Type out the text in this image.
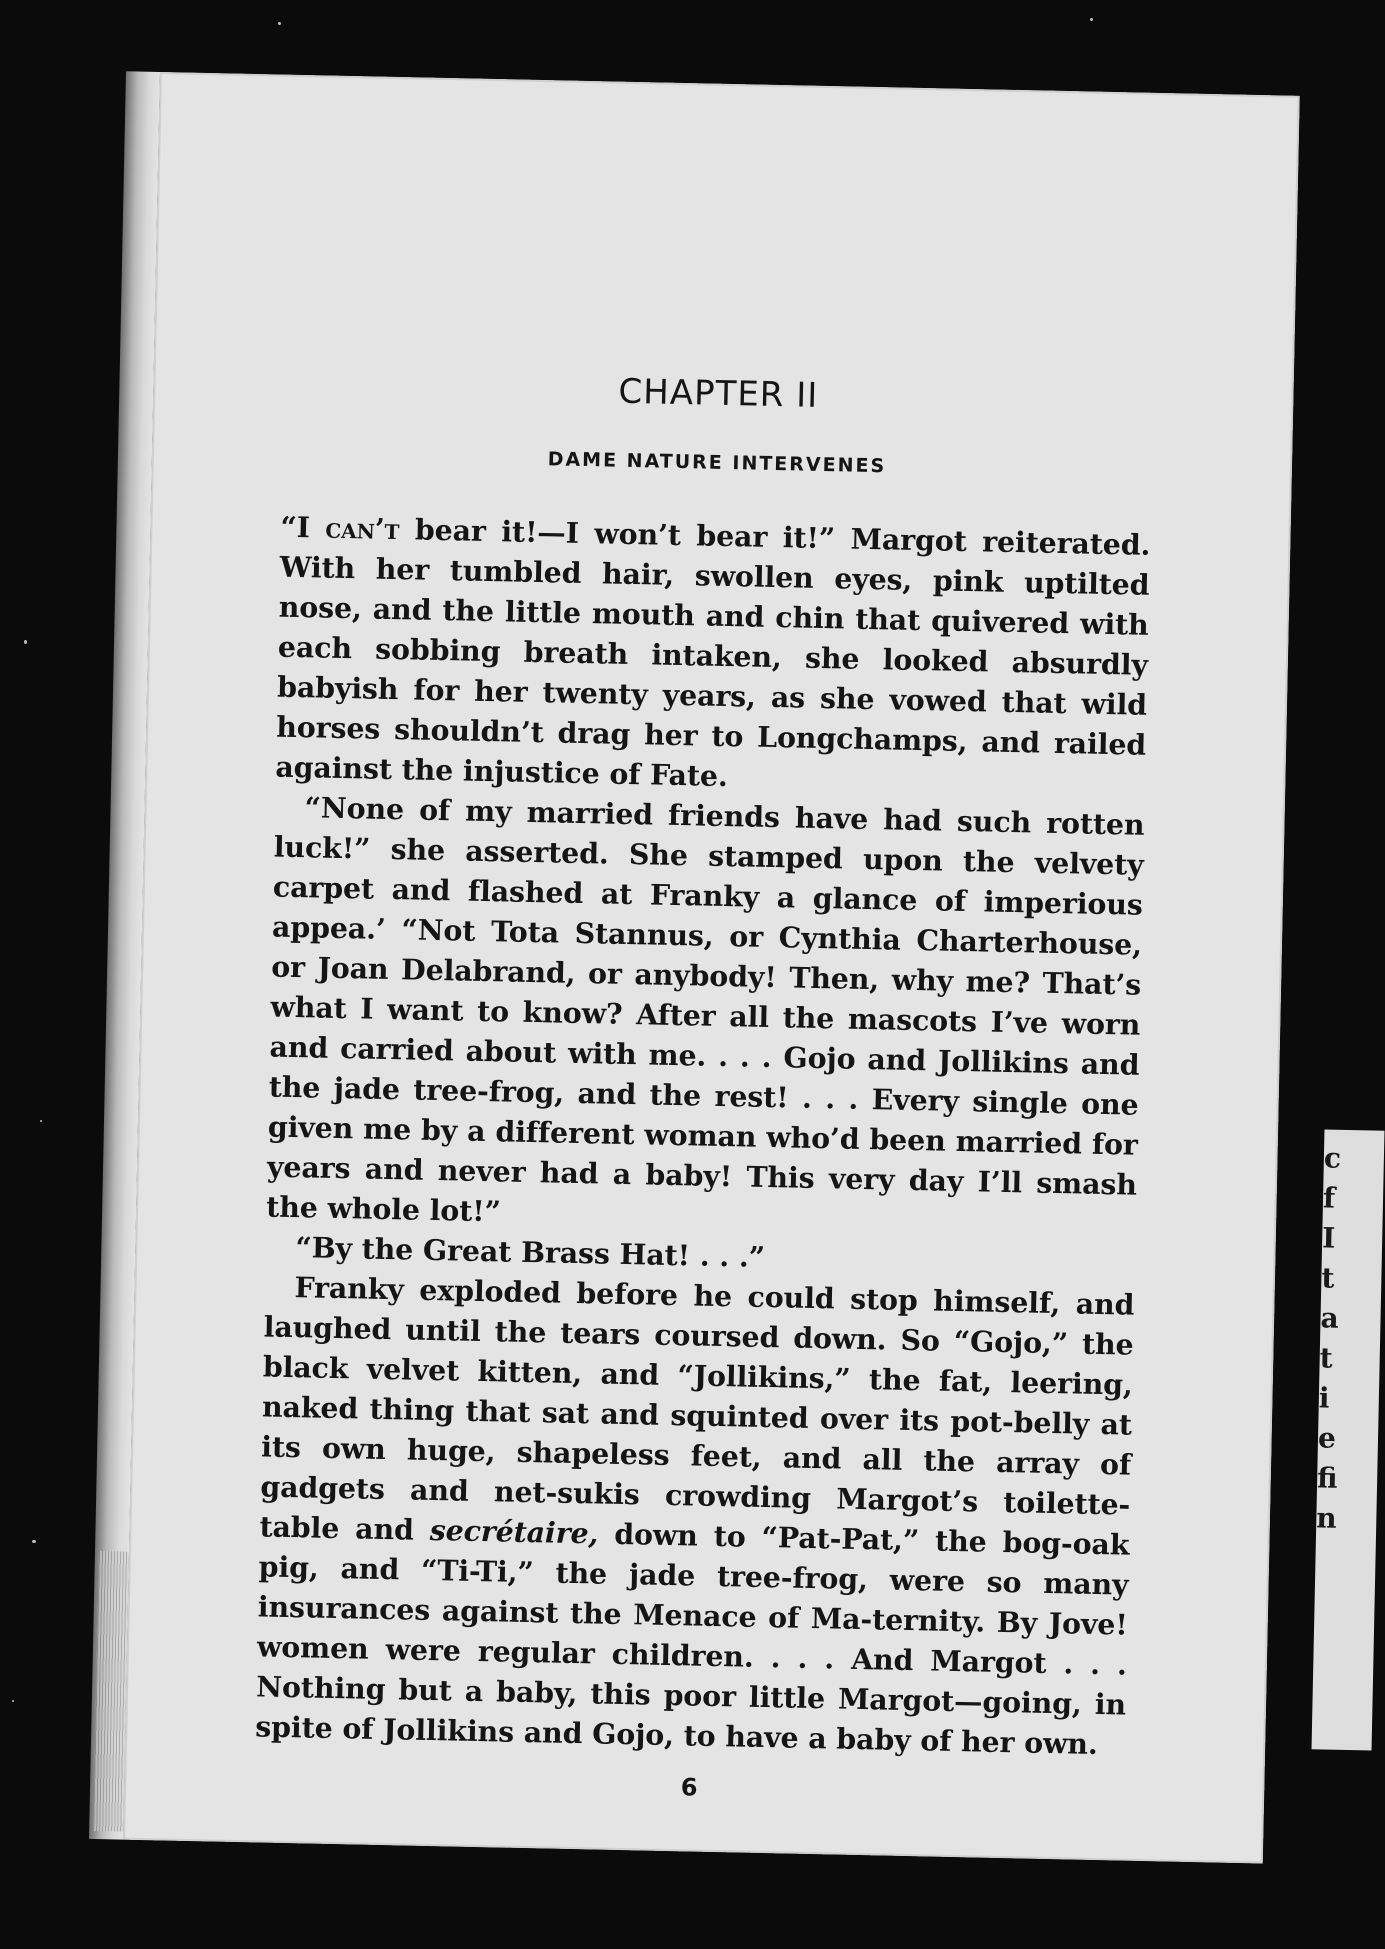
CHAPTER II
DAME NATURE INTERVENES

“I can’t bear it!—I won’t bear it!” Margot reiterated. With her tumbled hair, swollen eyes, pink uptilted nose, and the little mouth and chin that quivered with each sobbing breath intaken, she looked absurdly babyish for her twenty years, as she vowed that wild horses shouldn’t drag her to Longchamps, and railed against the injustice of Fate.

“None of my married friends have had such rotten luck!” she asserted. She stamped upon the velvety carpet and flashed at Franky a glance of imperious appea.’ “Not Tota Stannus, or Cynthia Charterhouse, or Joan Delabrand, or anybody! Then, why me? That’s what I want to know? After all the mascots I’ve worn and carried about with me. . . . Gojo and Jollikins and the jade tree-frog, and the rest! . . . Every single one given me by a different woman who’d been married for years and never had a baby! This very day I’ll smash the whole lot!”

“By the Great Brass Hat! . . .”

Franky exploded before he could stop himself, and laughed until the tears coursed down. So “Gojo,” the black velvet kitten, and “Jollikins,” the fat, leering, naked thing that sat and squinted over its pot-belly at its own huge, shapeless feet, and all the array of gadgets and net-sukis crowding Margot’s toilette-table and secrétaire, down to “Pat-Pat,” the bog-oak pig, and “Ti-Ti,” the jade tree-frog, were so many insurances against the Menace of Ma-ternity. By Jove! women were regular children. . . . And Margot . . . Nothing but a baby, this poor little Margot—going, in spite of Jollikins and Gojo, to have a baby of her own.

6
c
f
I
t
a
t
i
e
fi
n
